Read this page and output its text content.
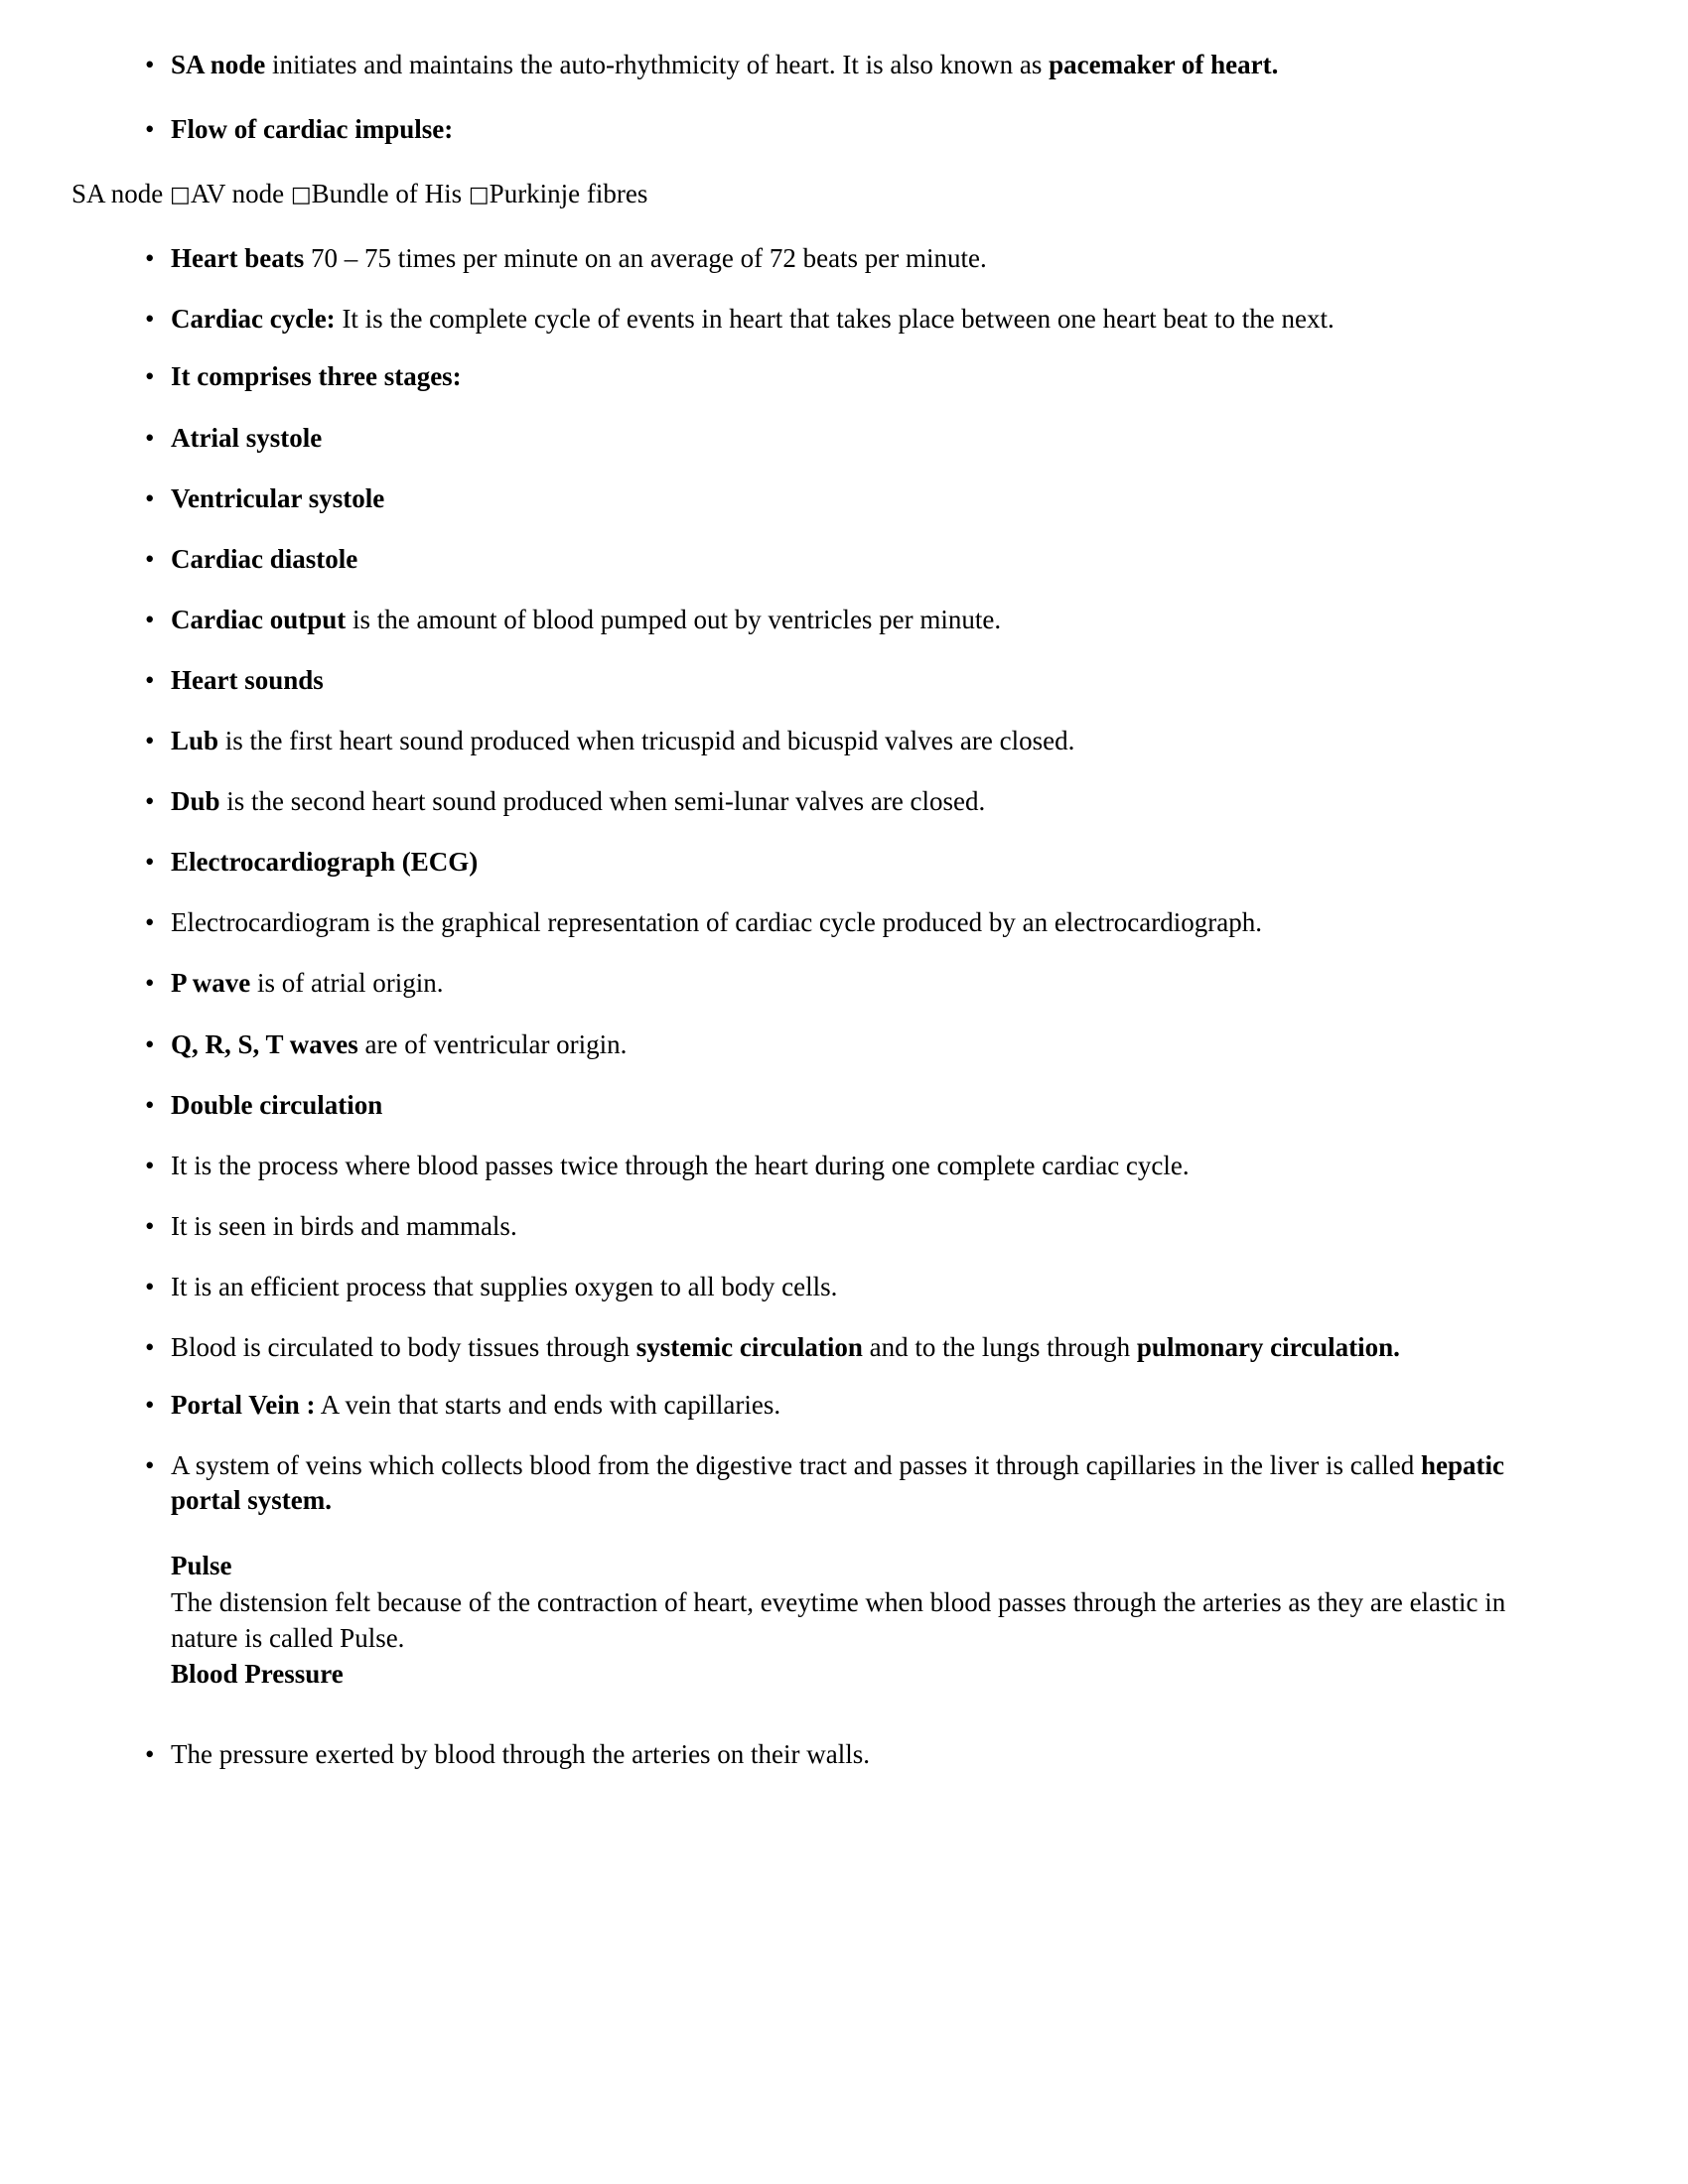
• SA node initiates and maintains the auto-rhythmicity of heart. It is also known as pacemaker of heart.
• Flow of cardiac impulse:

SA node □AV node □Bundle of His □Purkinje fibres

• Heart beats 70 – 75 times per minute on an average of 72 beats per minute.
• Cardiac cycle: It is the complete cycle of events in heart that takes place between one heart beat to the next.
• It comprises three stages:
• Atrial systole
• Ventricular systole
• Cardiac diastole
• Cardiac output is the amount of blood pumped out by ventricles per minute.
• Heart sounds
• Lub is the first heart sound produced when tricuspid and bicuspid valves are closed.
• Dub is the second heart sound produced when semi-lunar valves are closed.
• Electrocardiograph (ECG)
• Electrocardiogram is the graphical representation of cardiac cycle produced by an electrocardiograph.
• P wave is of atrial origin.
• Q, R, S, T waves are of ventricular origin.
• Double circulation
• It is the process where blood passes twice through the heart during one complete cardiac cycle.
• It is seen in birds and mammals.
• It is an efficient process that supplies oxygen to all body cells.
• Blood is circulated to body tissues through systemic circulation and to the lungs through pulmonary circulation.
• Portal Vein : A vein that starts and ends with capillaries.
• A system of veins which collects blood from the digestive tract and passes it through capillaries in the liver is called hepatic portal system.
Pulse
The distension felt because of the contraction of heart, eveytime when blood passes through the arteries as they are elastic in nature is called Pulse.
Blood Pressure
• The pressure exerted by blood through the arteries on their walls.
